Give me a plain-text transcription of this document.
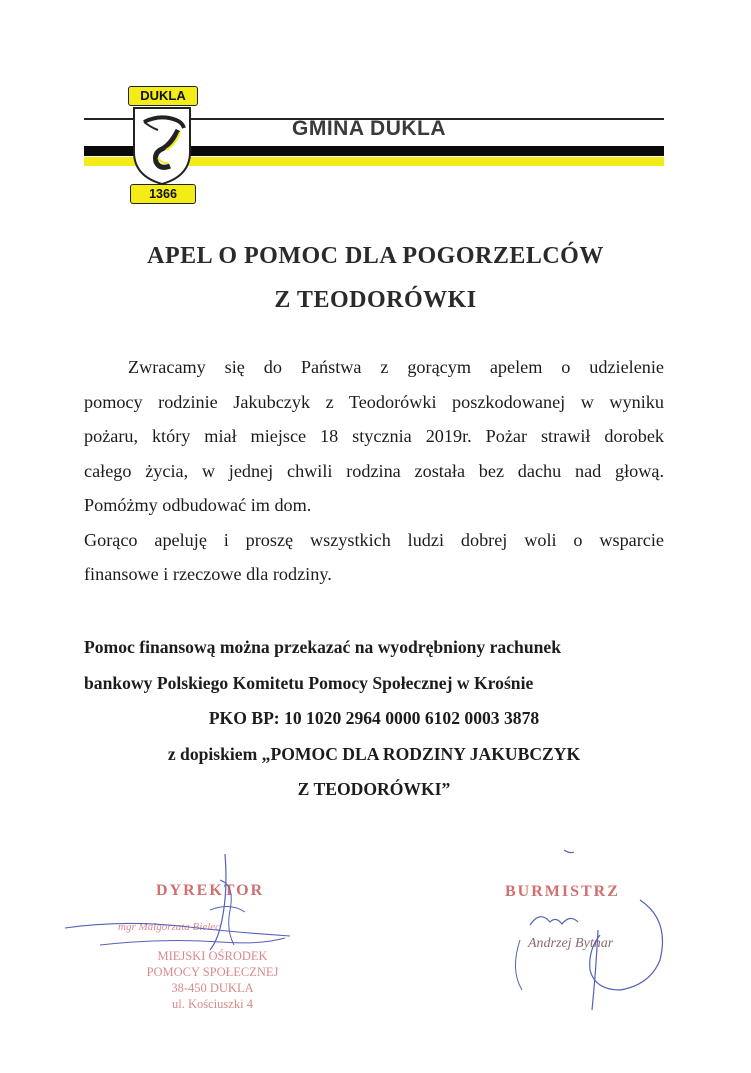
GMINA DUKLA
DUKLA
1366
APEL O POMOC DLA POGORZELCÓW
Z TEODORÓWKI
Zwracamy się do Państwa z gorącym apelem o udzielenie
pomocy rodzinie Jakubczyk z Teodorówki poszkodowanej w wyniku
pożaru, który miał miejsce 18 stycznia 2019r. Pożar strawił dorobek
całego życia, w jednej chwili rodzina została bez dachu nad głową.
Pomóżmy odbudować im dom.
Gorąco apeluję i proszę wszystkich ludzi dobrej woli o wsparcie
finansowe i rzeczowe dla rodziny.
Pomoc finansową można przekazać na wyodrębniony rachunek
bankowy Polskiego Komitetu Pomocy Społecznej w Krośnie
PKO BP: 10 1020 2964 0000 6102 0003 3878
z dopiskiem „POMOC DLA RODZINY JAKUBCZYK
Z TEODORÓWKI”
DYREKTOR
mgr Małgorzata Bielec
MIEJSKI OŚRODEK
POMOCY SPOŁECZNEJ
38-450 DUKLA
ul. Kościuszki 4
BURMISTRZ
Andrzej Bytnar
